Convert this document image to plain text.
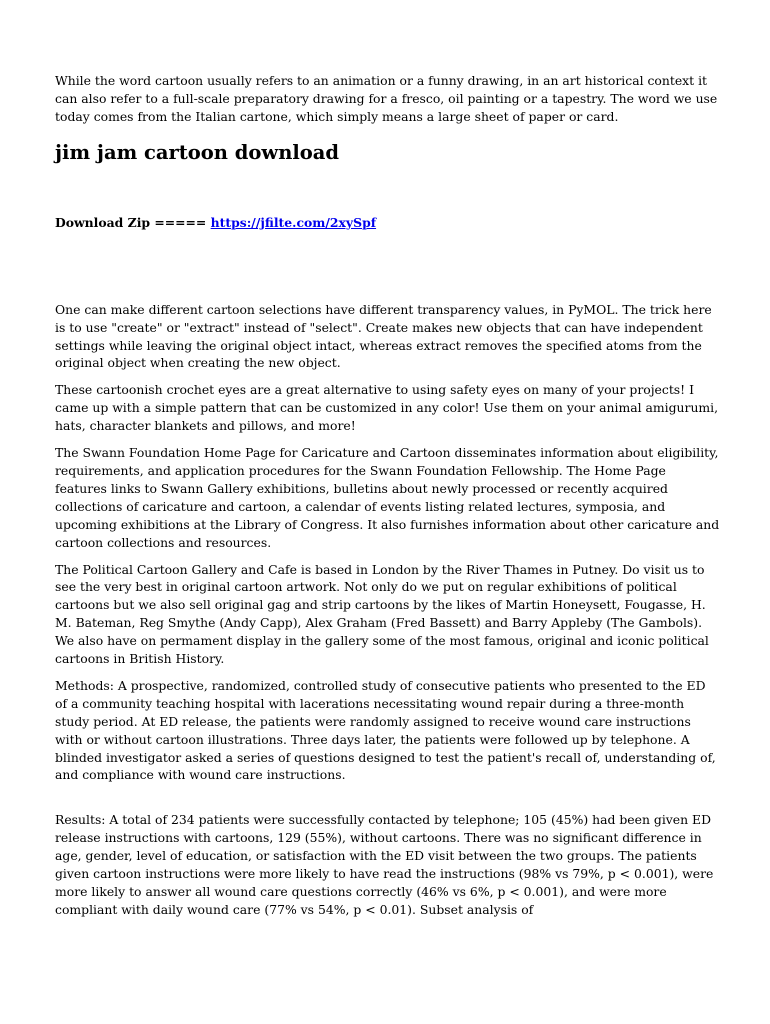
While the word cartoon usually refers to an animation or a funny drawing, in an art historical context it can also refer to a full-scale preparatory drawing for a fresco, oil painting or a tapestry. The word we use today comes from the Italian cartone, which simply means a large sheet of paper or card.

jim jam cartoon download
Download Zip ===== https://jfilte.com/2xySpf

One can make different cartoon selections have different transparency values, in PyMOL. The trick here is to use "create" or "extract" instead of "select". Create makes new objects that can have independent settings while leaving the original object intact, whereas extract removes the specified atoms from the original object when creating the new object.

These cartoonish crochet eyes are a great alternative to using safety eyes on many of your projects! I came up with a simple pattern that can be customized in any color! Use them on your animal amigurumi, hats, character blankets and pillows, and more!

The Swann Foundation Home Page for Caricature and Cartoon disseminates information about eligibility, requirements, and application procedures for the Swann Foundation Fellowship. The Home Page features links to Swann Gallery exhibitions, bulletins about newly processed or recently acquired collections of caricature and cartoon, a calendar of events listing related lectures, symposia, and upcoming exhibitions at the Library of Congress. It also furnishes information about other caricature and cartoon collections and resources.

The Political Cartoon Gallery and Cafe is based in London by the River Thames in Putney. Do visit us to see the very best in original cartoon artwork. Not only do we put on regular exhibitions of political cartoons but we also sell original gag and strip cartoons by the likes of Martin Honeysett, Fougasse, H. M. Bateman, Reg Smythe (Andy Capp), Alex Graham (Fred Bassett) and Barry Appleby (The Gambols). We also have on permament display in the gallery some of the most famous, original and iconic political cartoons in British History.

Methods: A prospective, randomized, controlled study of consecutive patients who presented to the ED of a community teaching hospital with lacerations necessitating wound repair during a three-month study period. At ED release, the patients were randomly assigned to receive wound care instructions with or without cartoon illustrations. Three days later, the patients were followed up by telephone. A blinded investigator asked a series of questions designed to test the patient's recall of, understanding of, and compliance with wound care instructions.

Results: A total of 234 patients were successfully contacted by telephone; 105 (45%) had been given ED release instructions with cartoons, 129 (55%), without cartoons. There was no significant difference in age, gender, level of education, or satisfaction with the ED visit between the two groups. The patients given cartoon instructions were more likely to have read the instructions (98% vs 79%, p < 0.001), were more likely to answer all wound care questions correctly (46% vs 6%, p < 0.001), and were more compliant with daily wound care (77% vs 54%, p < 0.01). Subset analysis of
